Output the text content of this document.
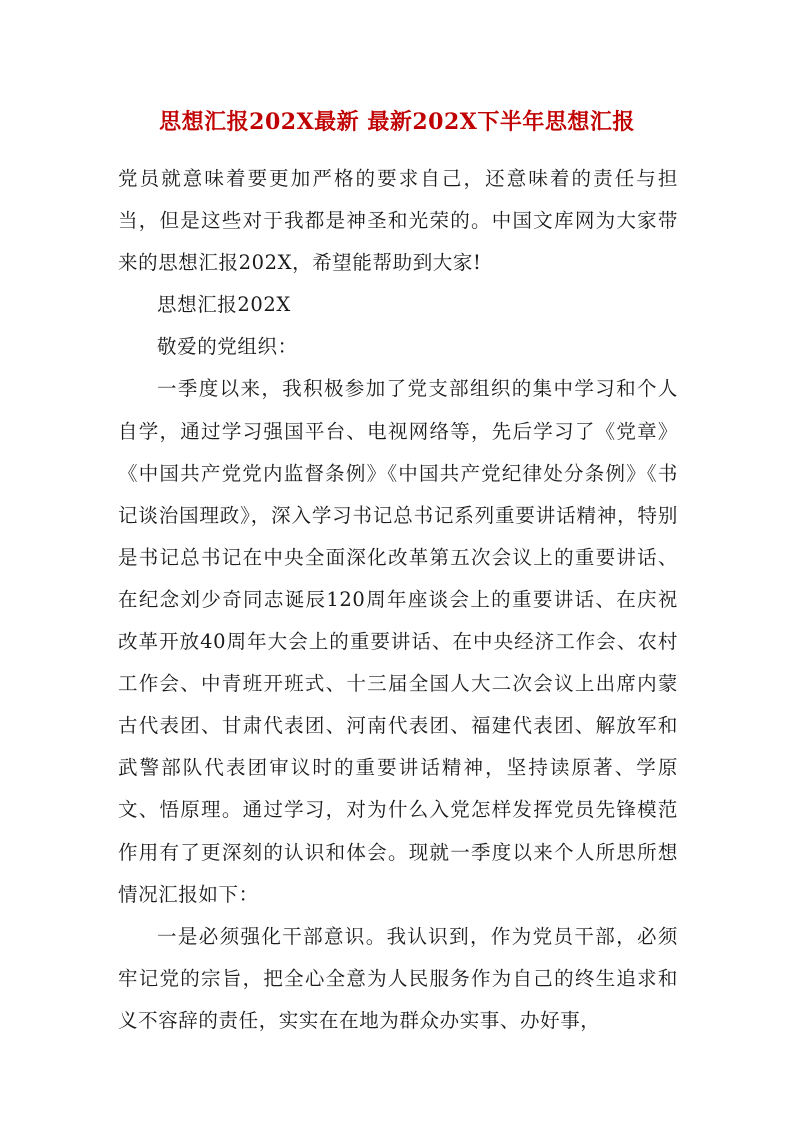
思想汇报202X最新 最新202X下半年思想汇报

党员就意味着要更加严格的要求自己，还意味着的责任与担当，但是这些对于我都是神圣和光荣的。中国文库网为大家带来的思想汇报202X，希望能帮助到大家!

思想汇报202X

敬爱的党组织：

一季度以来，我积极参加了党支部组织的集中学习和个人自学，通过学习强国平台、电视网络等，先后学习了《党章》《中国共产党党内监督条例》《中国共产党纪律处分条例》《书记谈治国理政》，深入学习书记总书记系列重要讲话精神，特别是书记总书记在中央全面深化改革第五次会议上的重要讲话、在纪念刘少奇同志诞辰120周年座谈会上的重要讲话、在庆祝改革开放40周年大会上的重要讲话、在中央经济工作会、农村工作会、中青班开班式、十三届全国人大二次会议上出席内蒙古代表团、甘肃代表团、河南代表团、福建代表团、解放军和武警部队代表团审议时的重要讲话精神，坚持读原著、学原文、悟原理。通过学习，对为什么入党怎样发挥党员先锋模范作用有了更深刻的认识和体会。现就一季度以来个人所思所想情况汇报如下：

一是必须强化干部意识。我认识到，作为党员干部，必须牢记党的宗旨，把全心全意为人民服务作为自己的终生追求和义不容辞的责任，实实在在地为群众办实事、办好事，
